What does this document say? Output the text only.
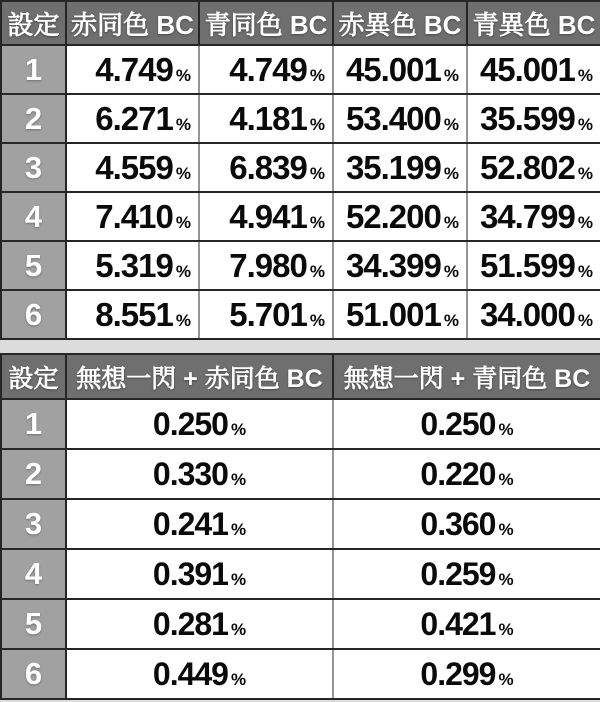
設定	赤同色 BC	青同色 BC	赤異色 BC	青異色 BC
1	4.749 %	4.749 %	45.001 %	45.001 %
2	6.271 %	4.181 %	53.400 %	35.599 %
3	4.559 %	6.839 %	35.199 %	52.802 %
4	7.410 %	4.941 %	52.200 %	34.799 %
5	5.319 %	7.980 %	34.399 %	51.599 %
6	8.551 %	5.701 %	51.001 %	34.000 %
設定	無想一閃 + 赤同色 BC	無想一閃 + 青同色 BC
1	0.250 %	0.250 %
2	0.330 %	0.220 %
3	0.241 %	0.360 %
4	0.391 %	0.259 %
5	0.281 %	0.421 %
6	0.449 %	0.299 %
